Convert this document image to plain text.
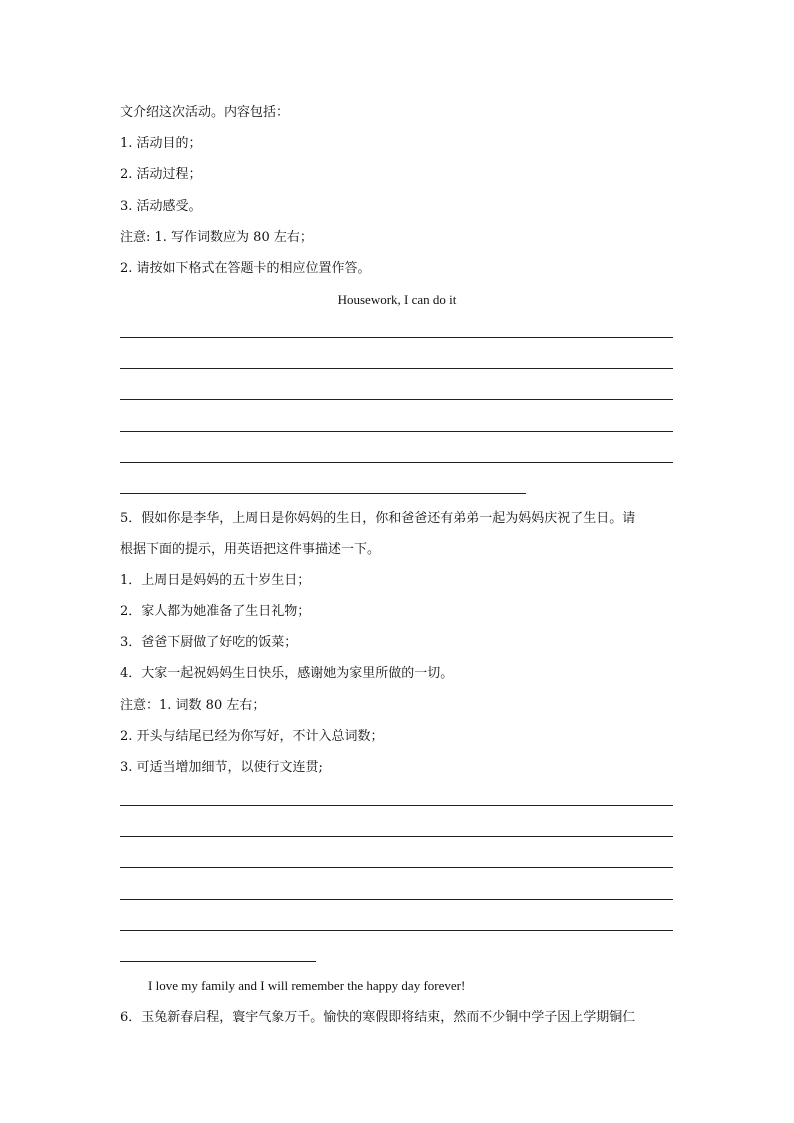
文介绍这次活动。内容包括：
1. 活动目的；
2. 活动过程；
3. 活动感受。
注意: 1. 写作词数应为 80 左右；
2. 请按如下格式在答题卡的相应位置作答。
Housework, I can do it
5．假如你是李华，上周日是你妈妈的生日，你和爸爸还有弟弟一起为妈妈庆祝了生日。请
根据下面的提示，用英语把这件事描述一下。
1．上周日是妈妈的五十岁生日；
2．家人都为她准备了生日礼物；
3．爸爸下厨做了好吃的饭菜；
4．大家一起祝妈妈生日快乐，感谢她为家里所做的一切。
注意：1. 词数 80 左右；
2. 开头与结尾已经为你写好，不计入总词数；
3. 可适当增加细节，以使行文连贯;
I love my family and I will remember the happy day forever!
6．玉兔新春启程，寰宇气象万千。愉快的寒假即将结束，然而不少铜中学子因上学期铜仁
